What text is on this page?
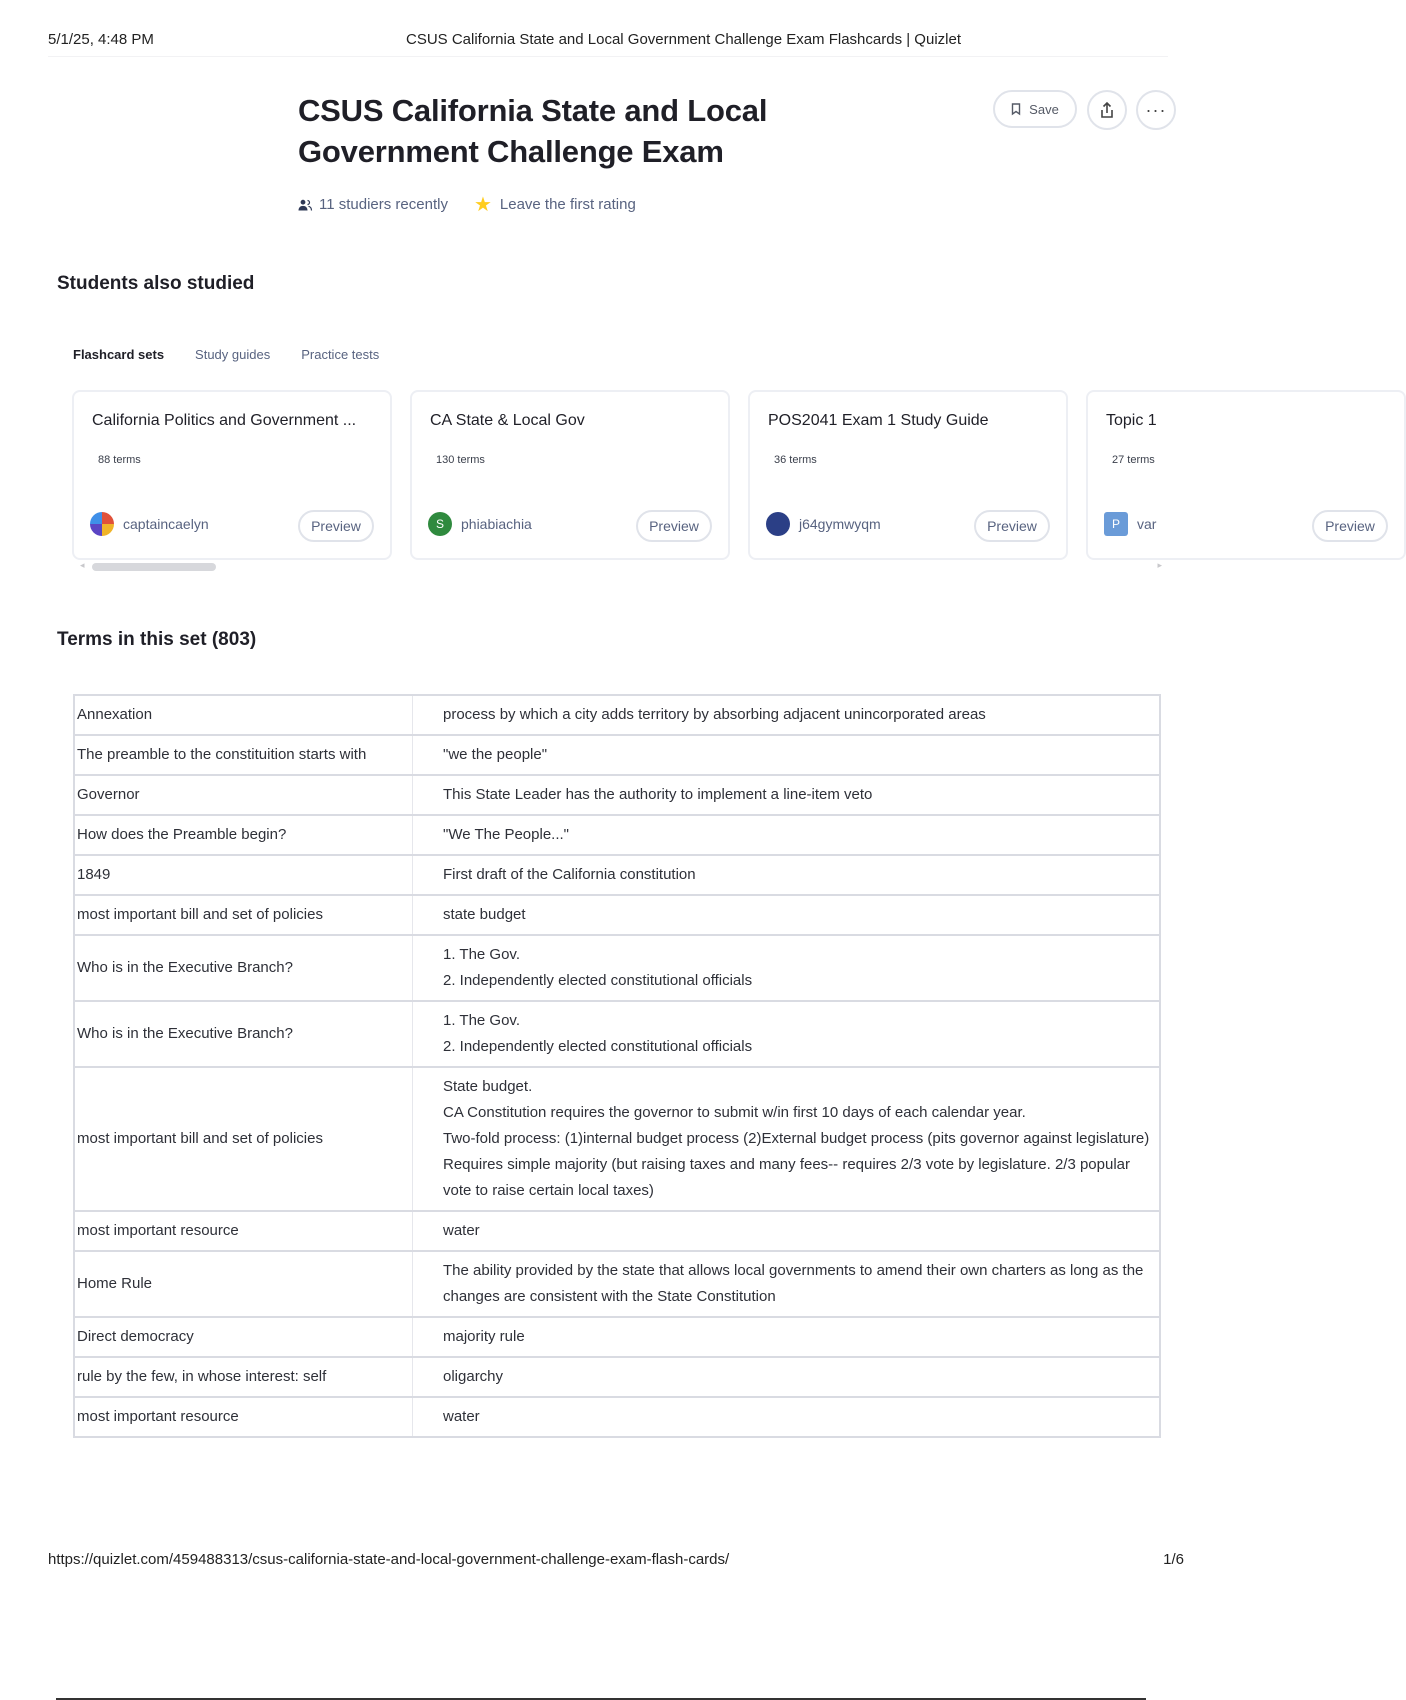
5/1/25, 4:48 PM	CSUS California State and Local Government Challenge Exam Flashcards | Quizlet
CSUS California State and Local Government Challenge Exam
Save	···
11 studiers recently ★ Leave the first rating
Students also studied
Flashcard sets Study guides Practice tests
California Politics and Government ...
88 terms
captaincaelyn	Preview
CA State & Local Gov
130 terms
S phiabiachia	Preview
POS2041 Exam 1 Study Guide
36 terms
j64gymwyqm	Preview
Topic 1
27 terms
P var	Preview
◂	▸
Terms in this set (803)
Annexation	process by which a city adds territory by absorbing adjacent unincorporated areas
The preamble to the constituition starts with	"we the people"
Governor	This State Leader has the authority to implement a line-item veto
How does the Preamble begin?	"We The People..."
1849	First draft of the California constitution
most important bill and set of policies	state budget
Who is in the Executive Branch?	1. The Gov.
2. Independently elected constitutional officials
Who is in the Executive Branch?	1. The Gov.
2. Independently elected constitutional officials
most important bill and set of policies	State budget.
CA Constitution requires the governor to submit w/in first 10 days of each calendar year.
Two-fold process: (1)internal budget process (2)External budget process (pits governor against legislature)
Requires simple majority (but raising taxes and many fees-- requires 2/3 vote by legislature. 2/3 popular vote to raise certain local taxes)
most important resource	water
Home Rule	The ability provided by the state that allows local governments to amend their own charters as long as the changes are consistent with the State Constitution
Direct democracy	majority rule
rule by the few, in whose interest: self	oligarchy
most important resource	water
https://quizlet.com/459488313/csus-california-state-and-local-government-challenge-exam-flash-cards/	1/6
